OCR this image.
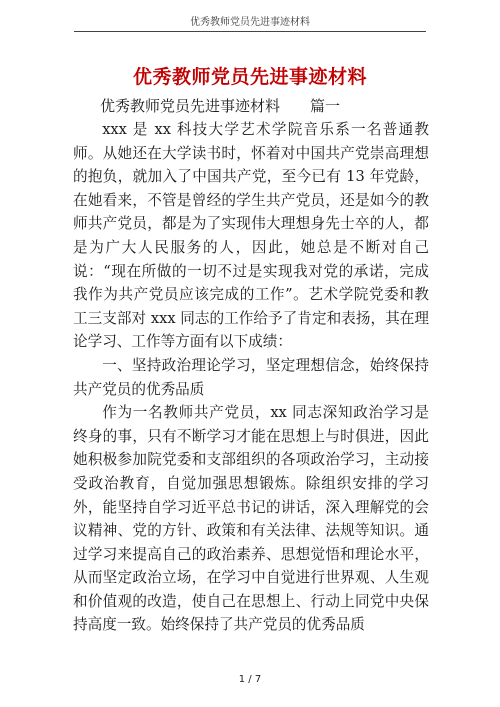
优秀教师党员先进事迹材料
优秀教师党员先进事迹材料
优秀教师党员先进事迹材料　　篇一

xxx 是 xx 科技大学艺术学院音乐系一名普通教师。从她还在大学读书时，怀着对中国共产党崇高理想的抱负，就加入了中国共产党，至今已有 13 年党龄，在她看来，不管是曾经的学生共产党员，还是如今的教师共产党员，都是为了实现伟大理想身先士卒的人，都是为广大人民服务的人，因此，她总是不断对自己说：“现在所做的一切不过是实现我对党的承诺，完成我作为共产党员应该完成的工作”。艺术学院党委和教工三支部对 xxx 同志的工作给予了肯定和表扬，其在理论学习、工作等方面有以下成绩：

一、坚持政治理论学习，坚定理想信念，始终保持共产党员的优秀品质

作为一名教师共产党员，xx 同志深知政治学习是终身的事，只有不断学习才能在思想上与时俱进，因此她积极参加院党委和支部组织的各项政治学习，主动接受政治教育，自觉加强思想锻炼。除组织安排的学习外，能坚持自学习近平总书记的讲话，深入理解党的会议精神、党的方针、政策和有关法律、法规等知识。通过学习来提高自己的政治素养、思想觉悟和理论水平，从而坚定政治立场，在学习中自觉进行世界观、人生观和价值观的改造，使自己在思想上、行动上同党中央保持高度一致。始终保持了共产党员的优秀品质

1 / 7
